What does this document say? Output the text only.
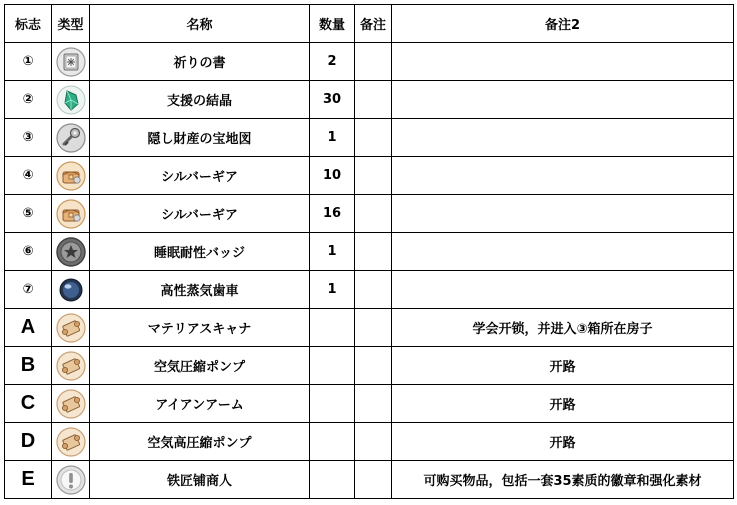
标志	类型	名称	数量	备注	备注2
①		祈りの書	2		
②		支援の結晶	30		
③		隠し財産の宝地図	1		
④		シルバーギア	10		
⑤		シルバーギア	16		
⑥		睡眠耐性バッジ	1		
⑦		高性蒸気歯車	1		
A		マテリアスキャナ			学会开锁，并进入③箱所在房子
B		空気圧縮ポンプ			开路
C		アイアンアーム			开路
D		空気高圧縮ポンプ			开路
E		铁匠铺商人			可购买物品，包括一套35素质的徽章和强化素材
